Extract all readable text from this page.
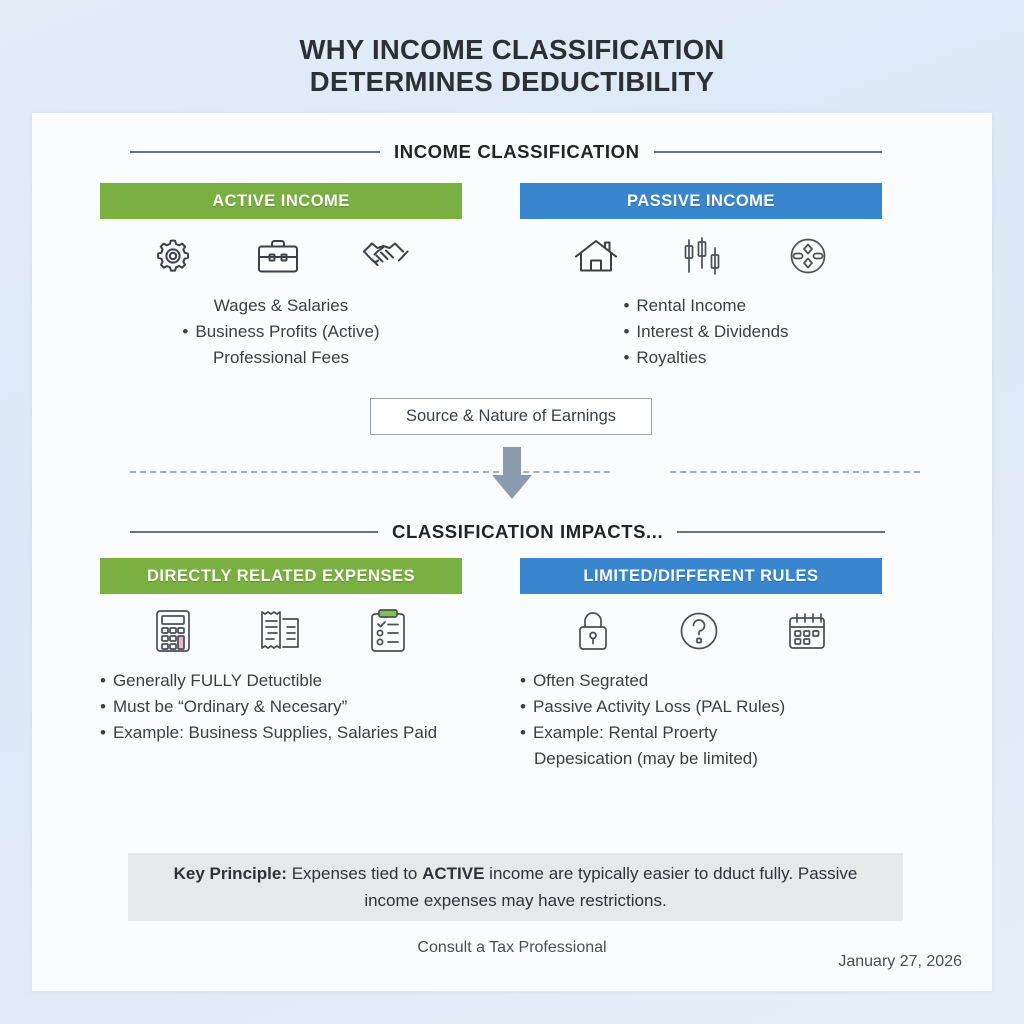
WHY INCOME CLASSIFICATION
DETERMINES DEDUCTIBILITY
INCOME CLASSIFICATION
ACTIVE INCOME
Wages & Salaries
• Business Profits (Active)
Professional Fees
PASSIVE INCOME
• Rental Income
• Interest & Dividends
• Royalties
Source & Nature of Earnings
CLASSIFICATION IMPACTS...
DIRECTLY RELATED EXPENSES
• Generally FULLY Detuctible
• Must be “Ordinary & Necesary”
• Example: Business Supplies, Salaries Paid
LIMITED/DIFFERENT RULES
• Often Segrated
• Passive Activity Loss (PAL Rules)
• Example: Rental Proerty
Depesication (may be limited)
Key Principle: Expenses tied to ACTIVE income are typically easier to dduct fully. Passive income expenses may have restrictions.
Consult a Tax Professional
January 27, 2026
